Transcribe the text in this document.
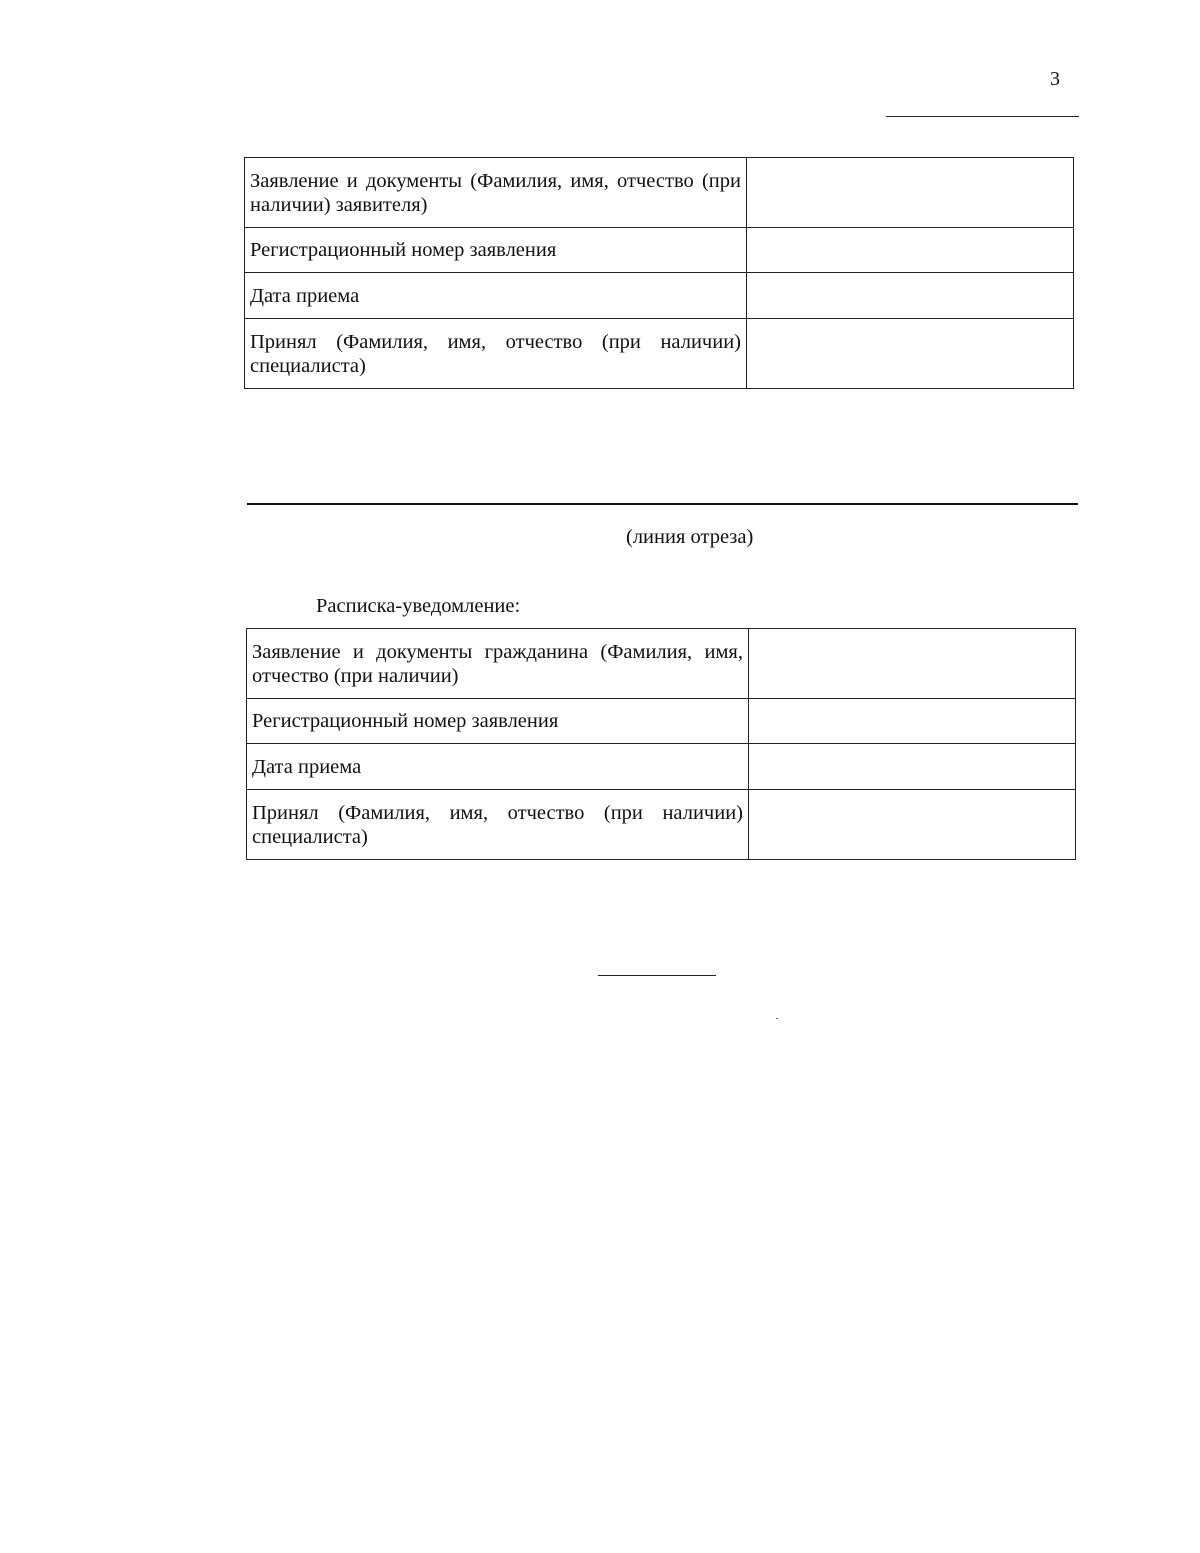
3
Заявление и документы (Фамилия, имя, отчество (при наличии) заявителя)	
Регистрационный номер заявления	
Дата приема	
Принял (Фамилия, имя, отчество (при наличии) специалиста)	
(линия отреза)
Расписка-уведомление:
Заявление и документы гражданина (Фамилия, имя, отчество (при наличии)	
Регистрационный номер заявления	
Дата приема	
Принял (Фамилия, имя, отчество (при наличии) специалиста)	
